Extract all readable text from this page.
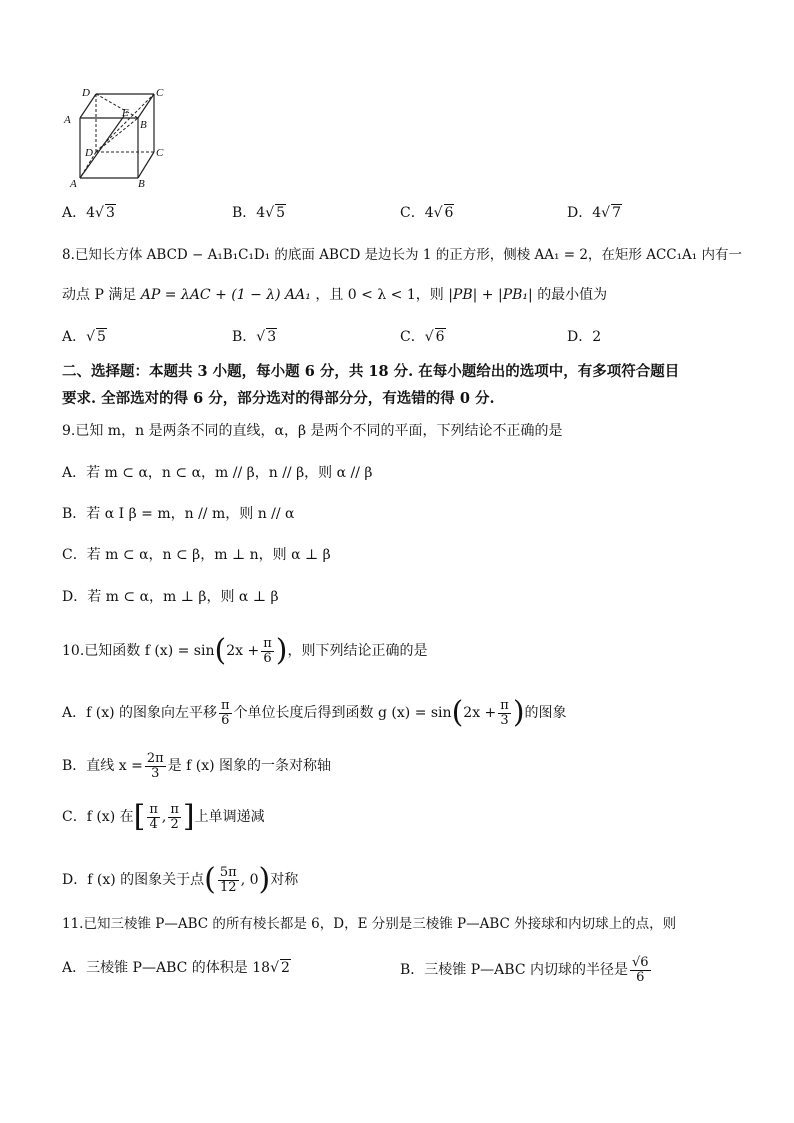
D	C
A
E
B
D	C
A	B
A．4√ 3	B．4√ 5	C．4√ 6	D．4√ 7
8.已知长方体 ABCD − A₁B₁C₁D₁ 的底面 ABCD 是边长为 1 的正方形，侧棱 AA₁ = 2，在矩形 ACC₁A₁ 内有一
动点 P 满足 AP = λAC + (1 − λ) AA₁ ，且 0 < λ < 1，则 |PB| + |PB₁| 的最小值为
A．√ 5	B．√ 3	C．√ 6	D．2
二、选择题：本题共 3 小题，每小题 6 分，共 18 分. 在每小题给出的选项中，有多项符合题目
要求. 全部选对的得 6 分，部分选对的得部分分，有选错的得 0 分.
9.已知 m，n 是两条不同的直线，α，β 是两个不同的平面，下列结论不正确的是
A．若 m ⊂ α，n ⊂ α，m // β，n // β，则 α // β
B．若 α I β = m，n // m，则 n // α
C．若 m ⊂ α，n ⊂ β，m ⊥ n，则 α ⊥ β
D．若 m ⊂ α，m ⊥ β，则 α ⊥ β
10.已知函数 f $(x) = \sin(2x + \frac{\pi}{6}$ )，则下列结论正确的是
A．f (x) 的图象向左平移 $\frac{\pi}{6}$ 个单位长度后得到函数 g $(x) = \sin(2x + \frac{\pi}{3}$ )的图象
B．直线 $x = \frac{2\pi}{3}$ 是 f (x) 图象的一条对称轴
C．f (x) 在[ $\frac{\pi}{4}$ , $\frac{\pi}{2}$ ]上单调递减
D．f (x) 的图象关于点( $\frac{5\pi}{12}$ , 0)对称
11.已知三棱锥 P—ABC 的所有棱长都是 6，D，E 分别是三棱锥 P—ABC 外接球和内切球上的点，则
A．三棱锥 P—ABC 的体积是 18√ 2	B．三棱锥 P—ABC 内切球的半径是 $\frac{√6}{6}$
